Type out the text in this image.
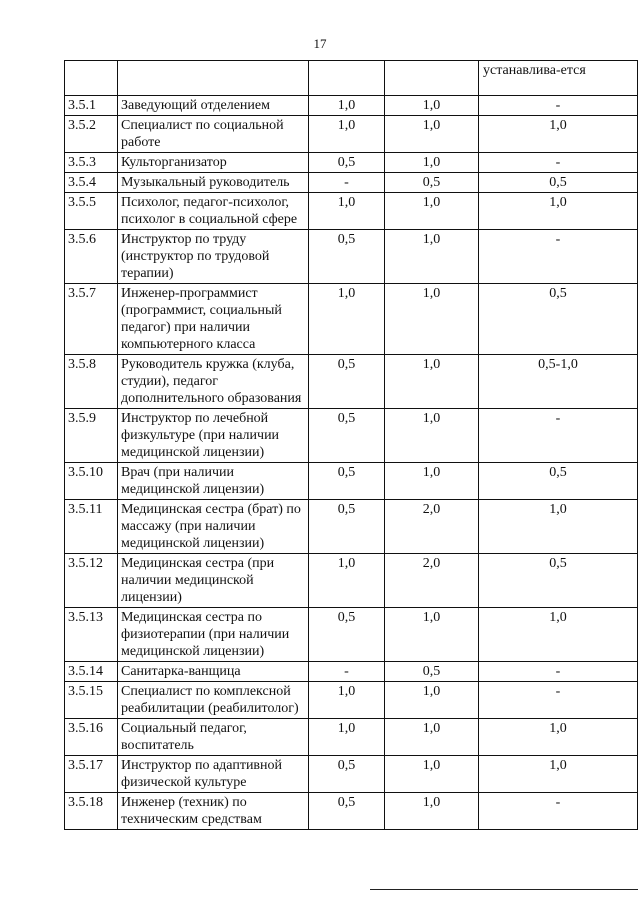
17
				устанавлива-ется
3.5.1	Заведующий отделением	1,0	1,0	-
3.5.2	Специалист по социальной работе	1,0	1,0	1,0
3.5.3	Культорганизатор	0,5	1,0	-
3.5.4	Музыкальный руководитель	-	0,5	0,5
3.5.5	Психолог, педагог-психолог, психолог в социальной сфере	1,0	1,0	1,0
3.5.6	Инструктор по труду (инструктор по трудовой терапии)	0,5	1,0	-
3.5.7	Инженер-программист (программист, социальный педагог) при наличии компьютерного класса	1,0	1,0	0,5
3.5.8	Руководитель кружка (клуба, студии), педагог дополнительного образования	0,5	1,0	0,5-1,0
3.5.9	Инструктор по лечебной физкультуре (при наличии медицинской лицензии)	0,5	1,0	-
3.5.10	Врач (при наличии медицинской лицензии)	0,5	1,0	0,5
3.5.11	Медицинская сестра (брат) по массажу (при наличии медицинской лицензии)	0,5	2,0	1,0
3.5.12	Медицинская сестра (при наличии медицинской лицензии)	1,0	2,0	0,5
3.5.13	Медицинская сестра по физиотерапии (при наличии медицинской лицензии)	0,5	1,0	1,0
3.5.14	Санитарка-ванщица	-	0,5	-
3.5.15	Специалист по комплексной реабилитации (реабилитолог)	1,0	1,0	-
3.5.16	Социальный педагог, воспитатель	1,0	1,0	1,0
3.5.17	Инструктор по адаптивной физической культуре	0,5	1,0	1,0
3.5.18	Инженер (техник) по техническим средствам	0,5	1,0	-
